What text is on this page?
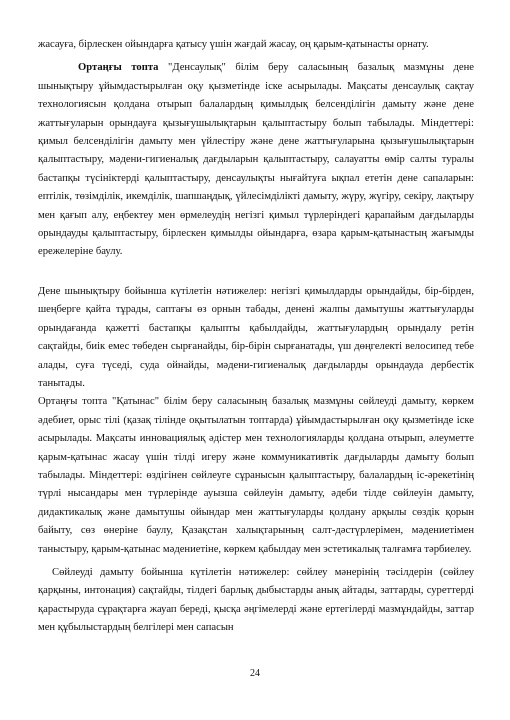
жасауға, бірлескен ойындарға қатысу үшін жағдай жасау, оң қарым-қатынасты орнату.

Ортаңғы топта "Денсаулық" білім беру саласының базалық мазмұны дене шынықтыру ұйымдастырылған оқу қызметінде іске асырылады. Мақсаты денсаулық сақтау технологиясын қолдана отырып балалардың қимылдық белсенділігін дамыту және дене жаттығуларын орындауға қызығушылықтарын қалыптастыру болып табылады. Міндеттері: қимыл белсенділігін дамыту мен үйлестіру және дене жаттығуларына қызығушылықтарын қалыптастыру, мәдени-гигиеналық дағдыларын қалыптастыру, салауатты өмір салты туралы бастапқы түсініктерді қалыптастыру, денсаулықты нығайтуға ықпал ететін дене сапаларын: ептілік, төзімділік, икемділік, шапшаңдық, үйлесімділікті дамыту, жүру, жүгіру, секіру, лақтыру мен қағып алу, еңбектеу мен өрмелеудің негізгі қимыл түрлеріндегі қарапайым дағдыларды орындауды қалыптастыру, бірлескен қимылды ойындарға, өзара қарым-қатынастың жағымды ережелеріне баулу.

Дене шынықтыру бойынша күтілетін нәтижелер: негізгі қимылдарды орындайды, бір-бірден, шеңберге қайта тұрады, саптағы өз орнын табады, денені жалпы дамытушы жаттығуларды орындағанда қажетті бастапқы қалыпты қабылдайды, жаттығулардың орындалу ретін сақтайды, биік емес төбеден сырғанайды, бір-бірін сырғанатады, үш дөңгелекті велосипед тебе алады, суға түседі, суда ойнайды, мәдени-гигиеналық дағдыларды орындауда дербестік танытады.

Ортаңғы топта "Қатынас" білім беру саласының базалық мазмұны сөйлеуді дамыту, көркем әдебиет, орыс тілі (қазақ тілінде оқытылатын топтарда) ұйымдастырылған оқу қызметінде іске асырылады. Мақсаты инновациялық әдістер мен технологияларды қолдана отырып, әлеуметте қарым-қатынас жасау үшін тілді игеру және коммуникативтік дағдыларды дамыту болып табылады. Міндеттері: өздігінен сөйлеуге сұранысын қалыптастыру, балалардың іс-әрекетінің түрлі нысандары мен түрлерінде ауызша сөйлеуін дамыту, әдеби тілде сөйлеуін дамыту, дидактикалық және дамытушы ойындар мен жаттығуларды қолдану арқылы сөздік қорын байыту, сөз өнеріне баулу, Қазақстан халықтарының салт-дәстүрлерімен, мәдениетімен таныстыру, қарым-қатынас мәдениетіне, көркем қабылдау мен эстетикалық талғамға тәрбиелеу.

Сөйлеуді дамыту бойынша күтілетін нәтижелер: сөйлеу мәнерінің тәсілдерін (сөйлеу қарқыны, интонация) сақтайды, тілдегі барлық дыбыстарды анық айтады, заттарды, суреттерді қарастыруда сұрақтарға жауап береді, қысқа әңгімелерді және ертегілерді мазмұндайды, заттар мен құбылыстардың белгілері мен сапасын

24
